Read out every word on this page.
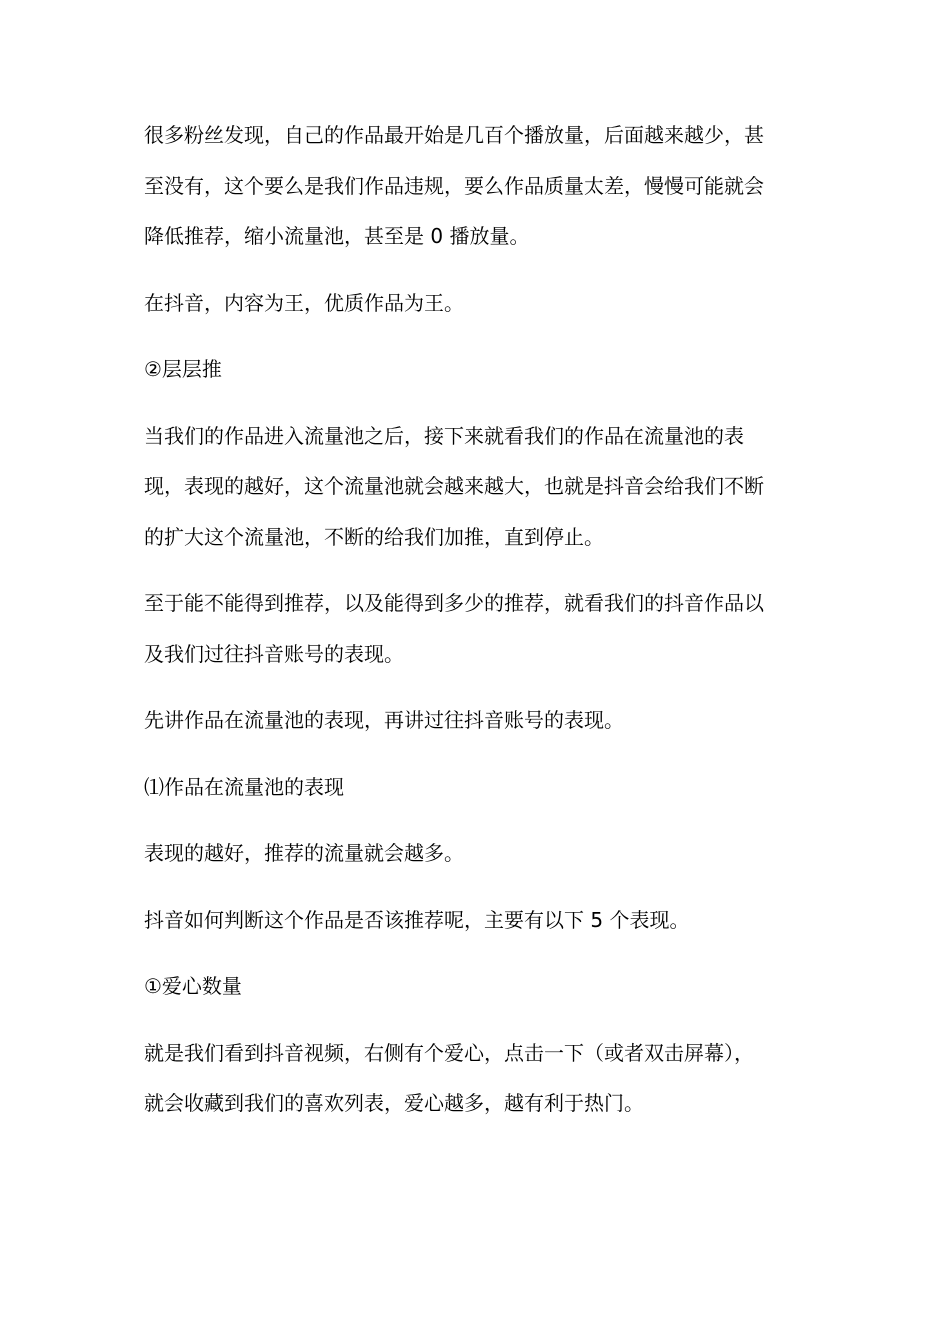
很多粉丝发现，自己的作品最开始是几百个播放量，后面越来越少，甚
至没有，这个要么是我们作品违规，要么作品质量太差，慢慢可能就会
降低推荐，缩小流量池，甚至是 0 播放量。

在抖音，内容为王，优质作品为王。

②层层推

当我们的作品进入流量池之后，接下来就看我们的作品在流量池的表
现，表现的越好，这个流量池就会越来越大，也就是抖音会给我们不断
的扩大这个流量池，不断的给我们加推，直到停止。

至于能不能得到推荐，以及能得到多少的推荐，就看我们的抖音作品以
及我们过往抖音账号的表现。

先讲作品在流量池的表现，再讲过往抖音账号的表现。

⑴作品在流量池的表现

表现的越好，推荐的流量就会越多。

抖音如何判断这个作品是否该推荐呢，主要有以下 5 个表现。

①爱心数量

就是我们看到抖音视频，右侧有个爱心，点击一下（或者双击屏幕），
就会收藏到我们的喜欢列表，爱心越多，越有利于热门。
